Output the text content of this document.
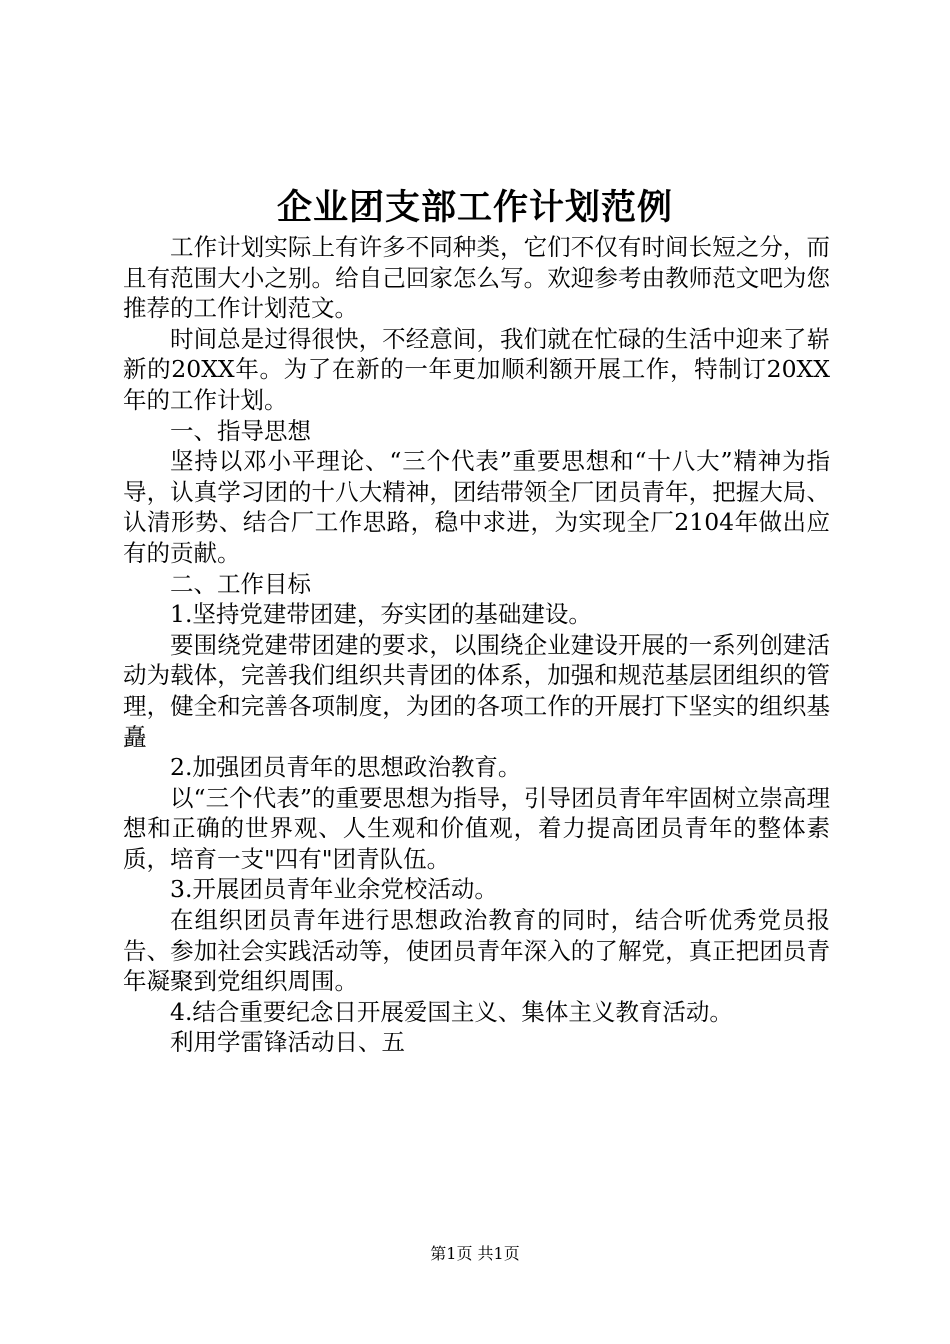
企业团支部工作计划范例

工作计划实际上有许多不同种类，它们不仅有时间长短之分，而且有范围大小之别。给自己回家怎么写。欢迎参考由教师范文吧为您推荐的工作计划范文。

时间总是过得很快，不经意间，我们就在忙碌的生活中迎来了崭新的20XX年。为了在新的一年更加顺利额开展工作，特制订20XX年的工作计划。

一、指导思想

坚持以邓小平理论、“三个代表”重要思想和“十八大”精神为指导，认真学习团的十八大精神，团结带领全厂团员青年，把握大局、认清形势、结合厂工作思路，稳中求进，为实现全厂2104年做出应有的贡献。

二、工作目标

1.坚持党建带团建，夯实团的基础建设。

要围绕党建带团建的要求，以围绕企业建设开展的一系列创建活动为载体，完善我们组织共青团的体系，加强和规范基层团组织的管理，健全和完善各项制度，为团的各项工作的开展打下坚实的组织基矗

2.加强团员青年的思想政治教育。

以“三个代表”的重要思想为指导，引导团员青年牢固树立崇高理想和正确的世界观、人生观和价值观，着力提高团员青年的整体素质，培育一支"四有"团青队伍。

3.开展团员青年业余党校活动。

在组织团员青年进行思想政治教育的同时，结合听优秀党员报告、参加社会实践活动等，使团员青年深入的了解党，真正把团员青年凝聚到党组织周围。

4.结合重要纪念日开展爱国主义、集体主义教育活动。

利用学雷锋活动日、五

第1页 共1页
